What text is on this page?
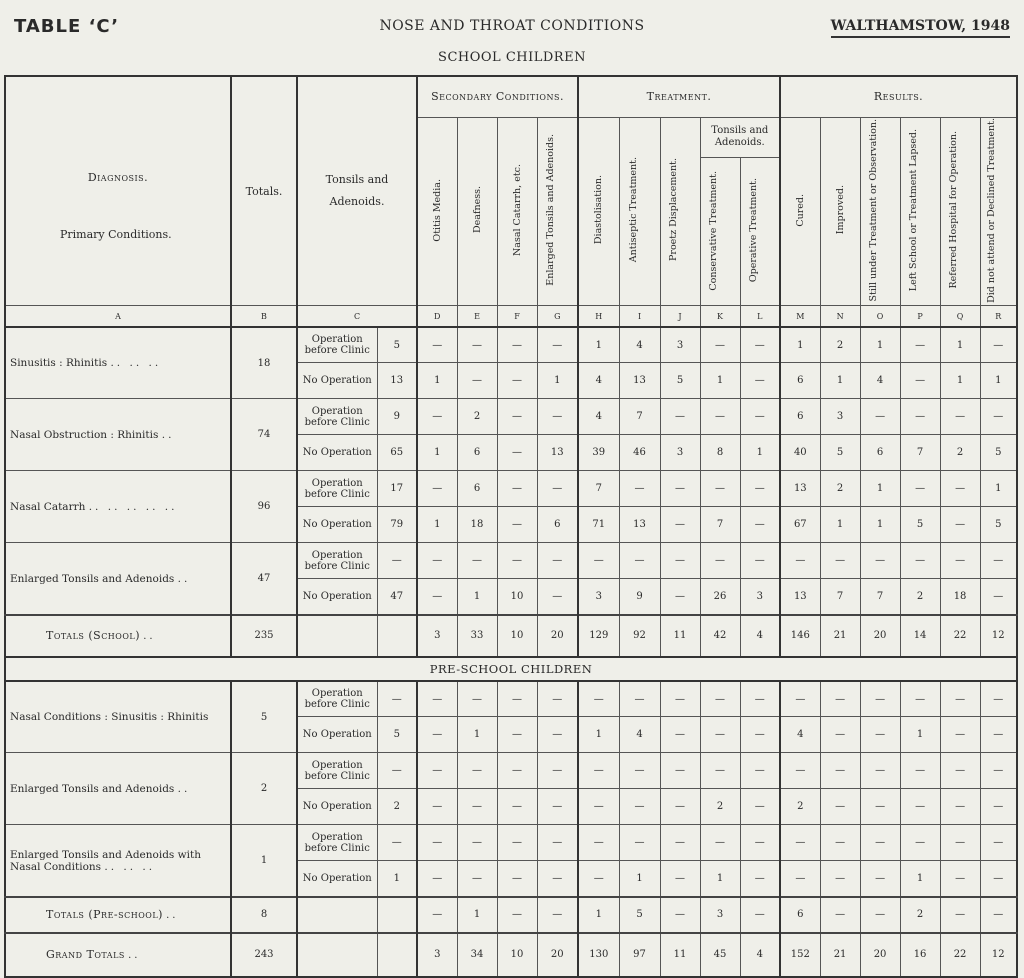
TABLE ‘C’	NOSE AND THROAT CONDITIONS	WALTHAMSTOW, 1948
SCHOOL CHILDREN
Diagnosis.
Primary Conditions.	Totals.	Tonsils and Adenoids.		Secondary Conditions.				Treatment.					Results.					
				Otitis Media.	Deafness.	Nasal Catarrh, etc.	Enlarged Tonsils and Adenoids.	Diastolisation.	Antiseptic Treatment.	Proetz Displacement.	Tonsils and Adenoids.		Cured.	Improved.	Still under Treatment or Observation.	Left School or Treatment Lapsed.	Referred Hospital for Operation.	Did not attend or Declined Treatment.
											Conservative Treatment.	Operative Treatment.						
A	B	C		D	E	F	G	H	I	J	K	L	M	N	O	P	Q	R
Sinusitis : Rhinitis .. .. ..	18	Operation before Clinic	5	—	—	—	—	1	4	3	—	—	1	2	1	—	1	—
		No Operation	13	1	—	—	1	4	13	5	1	—	6	1	4	—	1	1
Nasal Obstruction : Rhinitis ..	74	Operation before Clinic	9	—	2	—	—	4	7	—	—	—	6	3	—	—	—	—
		No Operation	65	1	6	—	13	39	46	3	8	1	40	5	6	7	2	5
Nasal Catarrh .. .. .. .. ..	96	Operation before Clinic	17	—	6	—	—	7	—	—	—	—	13	2	1	—	—	1
		No Operation	79	1	18	—	6	71	13	—	7	—	67	1	1	5	—	5
Enlarged Tonsils and Adenoids ..	47	Operation before Clinic	—	—	—	—	—	—	—	—	—	—	—	—	—	—	—	—
		No Operation	47	—	1	10	—	3	9	—	26	3	13	7	7	2	18	—
Totals (School) ..	235			3	33	10	20	129	92	11	42	4	146	21	20	14	22	12
PRE-SCHOOL CHILDREN																		
Nasal Conditions : Sinusitis : Rhinitis	5	Operation before Clinic	—	—	—	—	—	—	—	—	—	—	—	—	—	—	—	—
		No Operation	5	—	1	—	—	1	4	—	—	—	4	—	—	1	—	—
Enlarged Tonsils and Adenoids ..	2	Operation before Clinic	—	—	—	—	—	—	—	—	—	—	—	—	—	—	—	—
		No Operation	2	—	—	—	—	—	—	—	2	—	2	—	—	—	—	—
Enlarged Tonsils and Adenoids with Nasal Conditions .. .. ..	1	Operation before Clinic	—	—	—	—	—	—	—	—	—	—	—	—	—	—	—	—
		No Operation	1	—	—	—	—	—	1	—	1	—	—	—	—	1	—	—
Totals (Pre-school) ..	8			—	1	—	—	1	5	—	3	—	6	—	—	2	—	—
Grand Totals ..	243			3	34	10	20	130	97	11	45	4	152	21	20	16	22	12
